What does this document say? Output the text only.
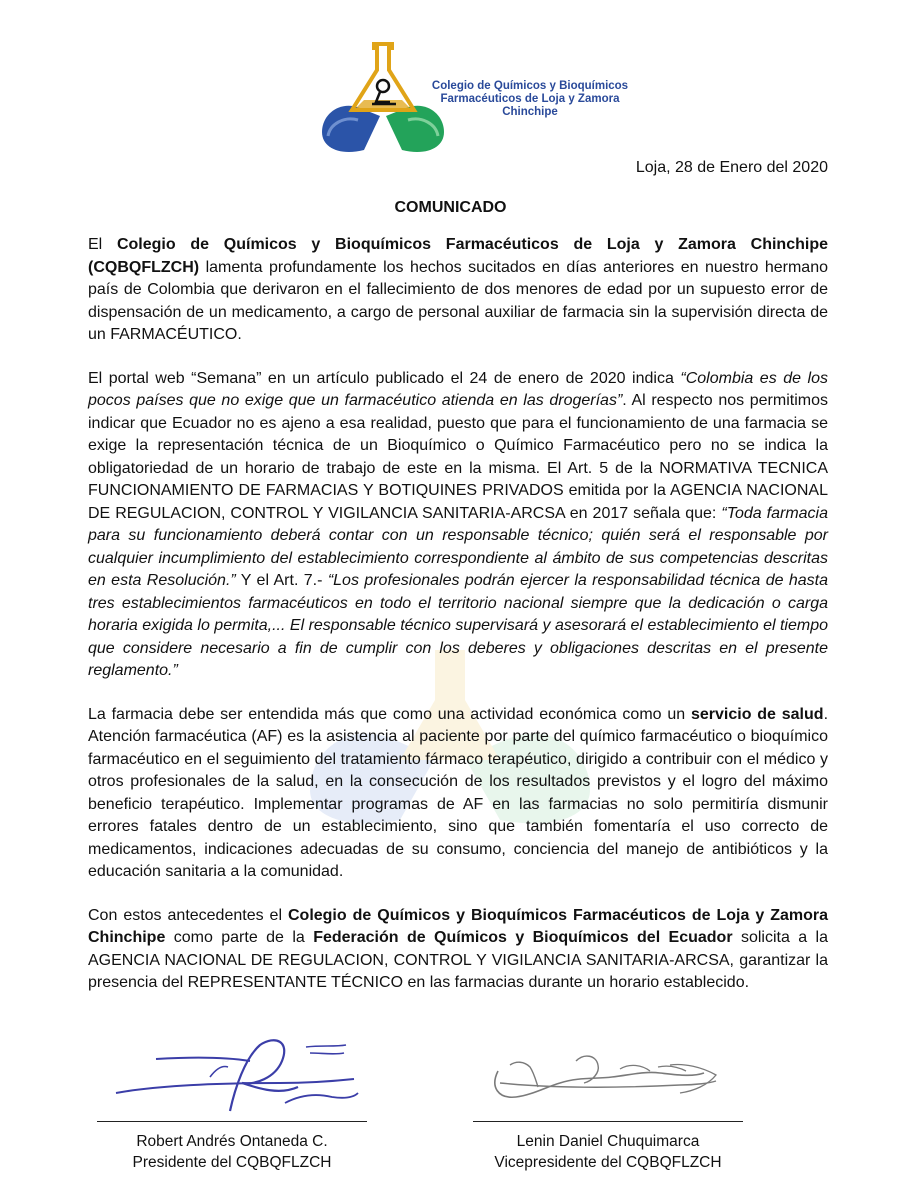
Colegio de Químicos y Bioquímicos
Farmacéuticos de Loja y Zamora
Chinchipe
Loja, 28 de Enero del 2020
COMUNICADO

El Colegio de Químicos y Bioquímicos Farmacéuticos de Loja y Zamora Chinchipe (CQBQFLZCH) lamenta profundamente los hechos sucitados en días anteriores en nuestro hermano país de Colombia que derivaron en el fallecimiento de dos menores de edad por un supuesto error de dispensación de un medicamento, a cargo de personal auxiliar de farmacia sin la supervisión directa de un FARMACÉUTICO.

El portal web “Semana” en un artículo publicado el 24 de enero de 2020 indica “Colombia es de los pocos países que no exige que un farmacéutico atienda en las drogerías”. Al respecto nos permitimos indicar que Ecuador no es ajeno a esa realidad, puesto que para el funcionamiento de una farmacia se exige la representación técnica de un Bioquímico o Químico Farmacéutico pero no se indica la obligatoriedad de un horario de trabajo de este en la misma. El Art. 5 de la NORMATIVA TECNICA FUNCIONAMIENTO DE FARMACIAS Y BOTIQUINES PRIVADOS emitida por la AGENCIA NACIONAL DE REGULACION, CONTROL Y VIGILANCIA SANITARIA-ARCSA en 2017 señala que: “Toda farmacia para su funcionamiento deberá contar con un responsable técnico; quién será el responsable por cualquier incumplimiento del establecimiento correspondiente al ámbito de sus competencias descritas en esta Resolución.” Y el Art. 7.- “Los profesionales podrán ejercer la responsabilidad técnica de hasta tres establecimientos farmacéuticos en todo el territorio nacional siempre que la dedicación o carga horaria exigida lo permita,... El responsable técnico supervisará y asesorará el establecimiento el tiempo que considere necesario a fin de cumplir con los deberes y obligaciones descritas en el presente reglamento.”

La farmacia debe ser entendida más que como una actividad económica como un servicio de salud. Atención farmacéutica (AF) es la asistencia al paciente por parte del químico farmacéutico o bioquímico farmacéutico en el seguimiento del tratamiento fármaco terapéutico, dirigido a contribuir con el médico y otros profesionales de la salud, en la consecución de los resultados previstos y el logro del máximo beneficio terapéutico. Implementar programas de AF en las farmacias no solo permitiría dismunir errores fatales dentro de un establecimiento, sino que también fomentaría el uso correcto de medicamentos, indicaciones adecuadas de su consumo, conciencia del manejo de antibióticos y la educación sanitaria a la comunidad.

Con estos antecedentes el Colegio de Químicos y Bioquímicos Farmacéuticos de Loja y Zamora Chinchipe como parte de la Federación de Químicos y Bioquímicos del Ecuador solicita a la AGENCIA NACIONAL DE REGULACION, CONTROL Y VIGILANCIA SANITARIA-ARCSA, garantizar la presencia del REPRESENTANTE TÉCNICO en las farmacias durante un horario establecido.

Robert Andrés Ontaneda C.
Presidente del CQBQFLZCH
Lenin Daniel Chuquimarca
Vicepresidente del CQBQFLZCH
